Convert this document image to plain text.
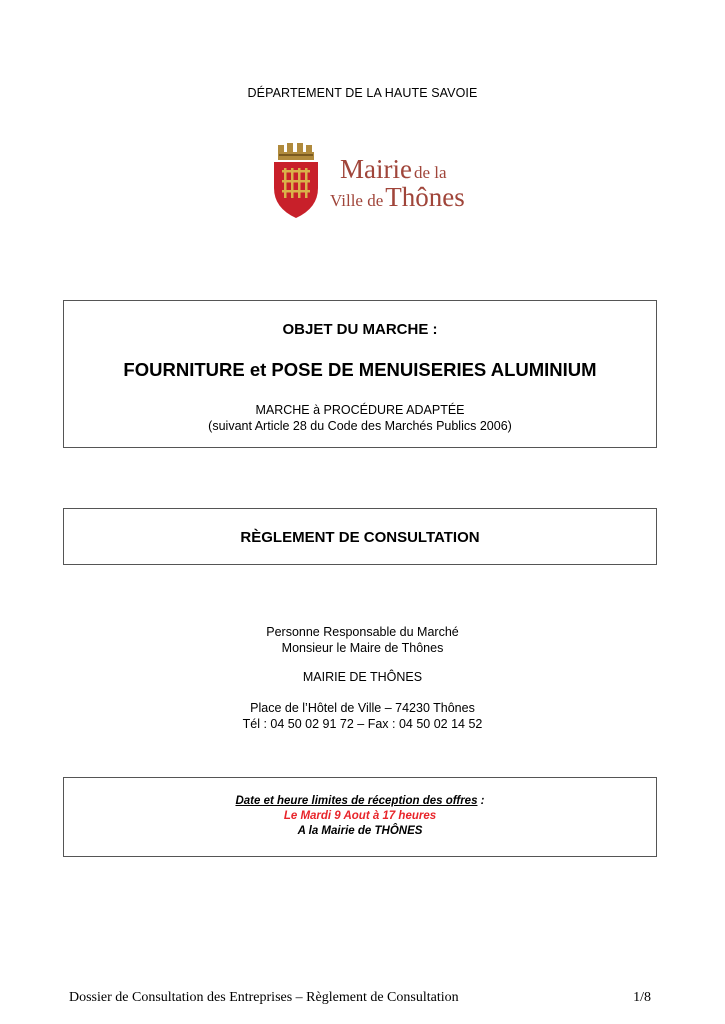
DÉPARTEMENT DE LA HAUTE SAVOIE
Mairie de la
Ville deThônes
OBJET DU MARCHE :
FOURNITURE et POSE DE MENUISERIES ALUMINIUM
MARCHE à PROCÉDURE ADAPTÉE
(suivant Article 28 du Code des Marchés Publics 2006)
RÈGLEMENT DE CONSULTATION
Personne Responsable du Marché
Monsieur le Maire de Thônes
MAIRIE DE THÔNES
Place de l’Hôtel de Ville – 74230 Thônes
Tél : 04 50 02 91 72 – Fax : 04 50 02 14 52
Date et heure limites de réception des offres :
Le Mardi 9 Aout à 17 heures
A la Mairie de THÔNES
Dossier de Consultation des Entreprises – Règlement de Consultation	1/8
